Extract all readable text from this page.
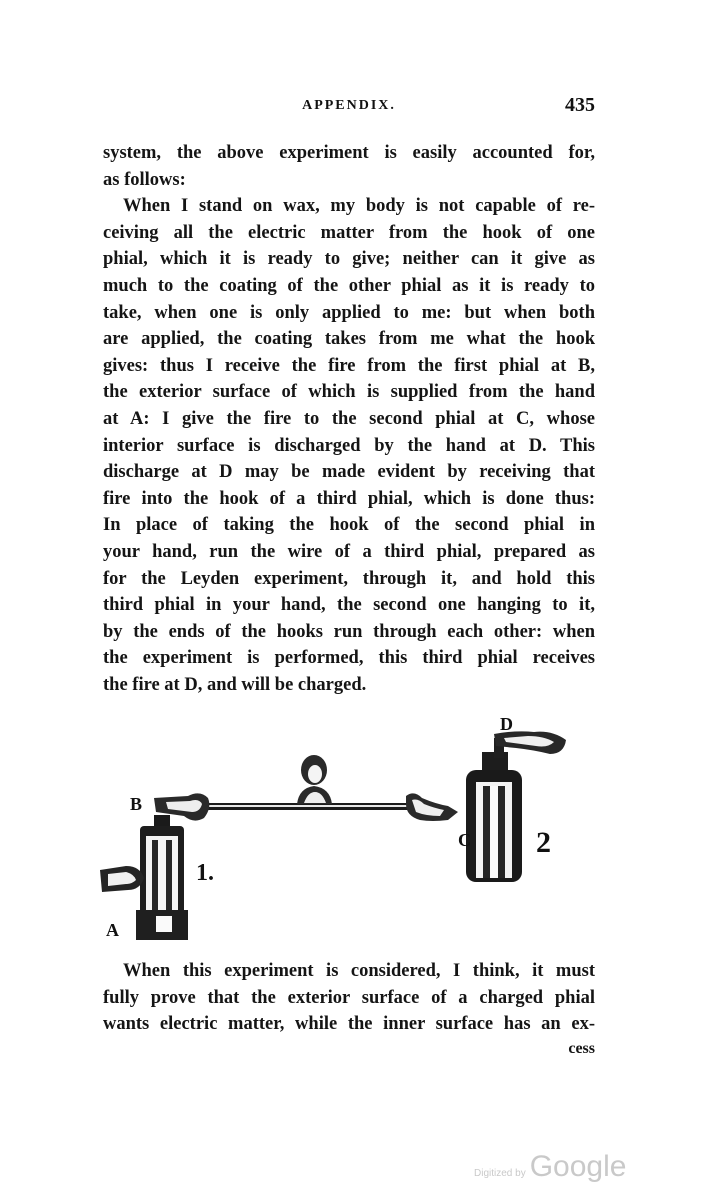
APPENDIX.	435
system, the above experiment is easily accounted for,
as follows:
When I stand on wax, my body is not capable of re-
ceiving all the electric matter from the hook of one
phial, which it is ready to give; neither can it give as
much to the coating of the other phial as it is ready to
take, when one is only applied to me: but when both
are applied, the coating takes from me what the hook
gives: thus I receive the fire from the first phial at B,
the exterior surface of which is supplied from the hand
at A: I give the fire to the second phial at C, whose
interior surface is discharged by the hand at D. This
discharge at D may be made evident by receiving that
fire into the hook of a third phial, which is done thus:
In place of taking the hook of the second phial in
your hand, run the wire of a third phial, prepared as
for the Leyden experiment, through it, and hold this
third phial in your hand, the second one hanging to it,
by the ends of the hooks run through each other: when
the experiment is performed, this third phial receives
the fire at D, and will be charged.
A
B
C
D
1.
2
When this experiment is considered, I think, it must
fully prove that the exterior surface of a charged phial
wants electric matter, while the inner surface has an ex-
cess
Digitized by Google
